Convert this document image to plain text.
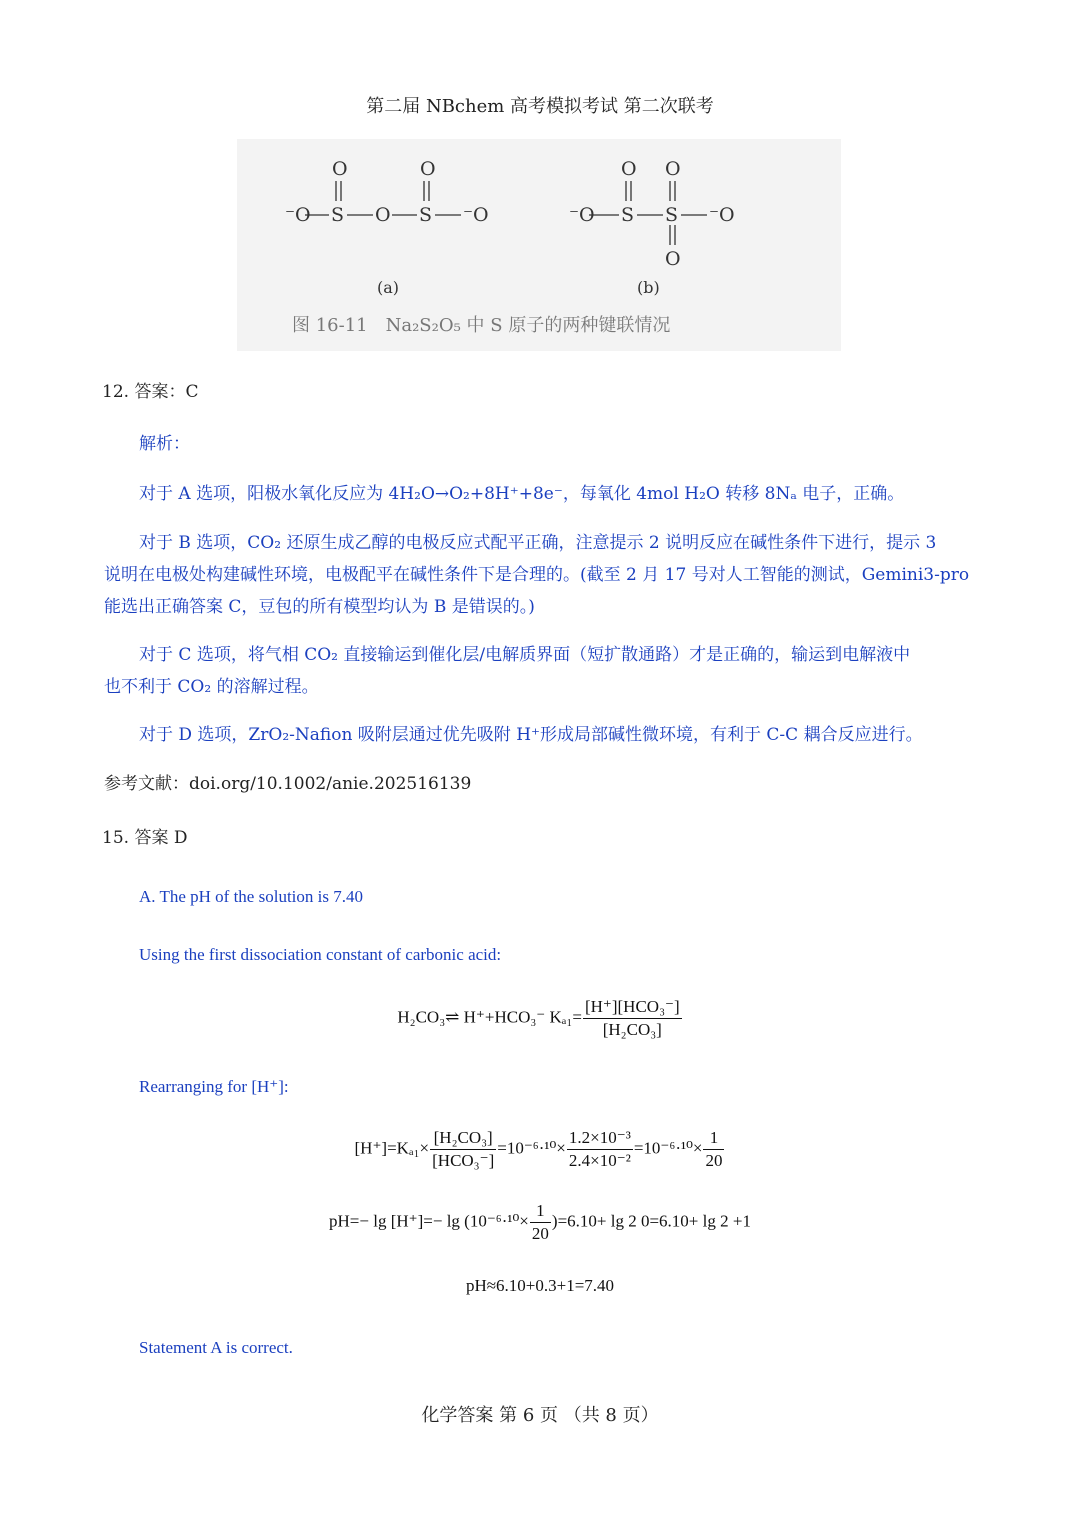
第二届 NBchem 高考模拟考试 第二次联考
⁻O S O S ⁻O
O	O
⁻O S S ⁻O
O O
O
(a)	(b)
图 16-11　Na₂S₂O₅ 中 S 原子的两种键联情况
12. 答案：C
解析：
对于 A 选项，阳极水氧化反应为 4H₂O→O₂+8H⁺+8e⁻，每氧化 4mol H₂O 转移 8Nₐ 电子，正确。
对于 B 选项，CO₂ 还原生成乙醇的电极反应式配平正确，注意提示 2 说明反应在碱性条件下进行，提示 3
说明在电极处构建碱性环境，电极配平在碱性条件下是合理的。(截至 2 月 17 号对人工智能的测试，Gemini3-pro
能选出正确答案 C，豆包的所有模型均认为 B 是错误的。)
对于 C 选项，将气相 CO₂ 直接输运到催化层/电解质界面（短扩散通路）才是正确的，输运到电解液中
也不利于 CO₂ 的溶解过程。
对于 D 选项，ZrO₂-Nafion 吸附层通过优先吸附 H⁺形成局部碱性微环境，有利于 C-C 耦合反应进行。
参考文献：doi.org/10.1002/anie.202516139
15. 答案 D
A. The pH of the solution is 7.40
Using the first dissociation constant of carbonic acid:
H₂CO₃⇌ H⁺+HCO₃⁻ $K_{a1}= \frac{\text{[H⁺][HCO₃⁻]}}{\text{[H₂CO₃]}}$
Rearranging for [H⁺]:
$[H^+]=K_{a1}\times \frac{\text{[H₂CO₃]}}{\text{[HCO₃⁻]}} =10^{-6}\cdot^{10}\times \frac{\text{1.2×10⁻³}}{\text{2.4×10⁻²}} =10^{-6}\cdot^{10}\times \frac{1}{20}$
$pH=- \lg [H^+]=- \lg (10^{-6}\cdot^{10}\times \frac{1}{20} )=6.10+ \lg 2$ 0=6.10+ lg 2 +1
pH≈6.10+0.3+1=7.40
Statement A is correct.
化学答案 第 6 页 （共 8 页）
